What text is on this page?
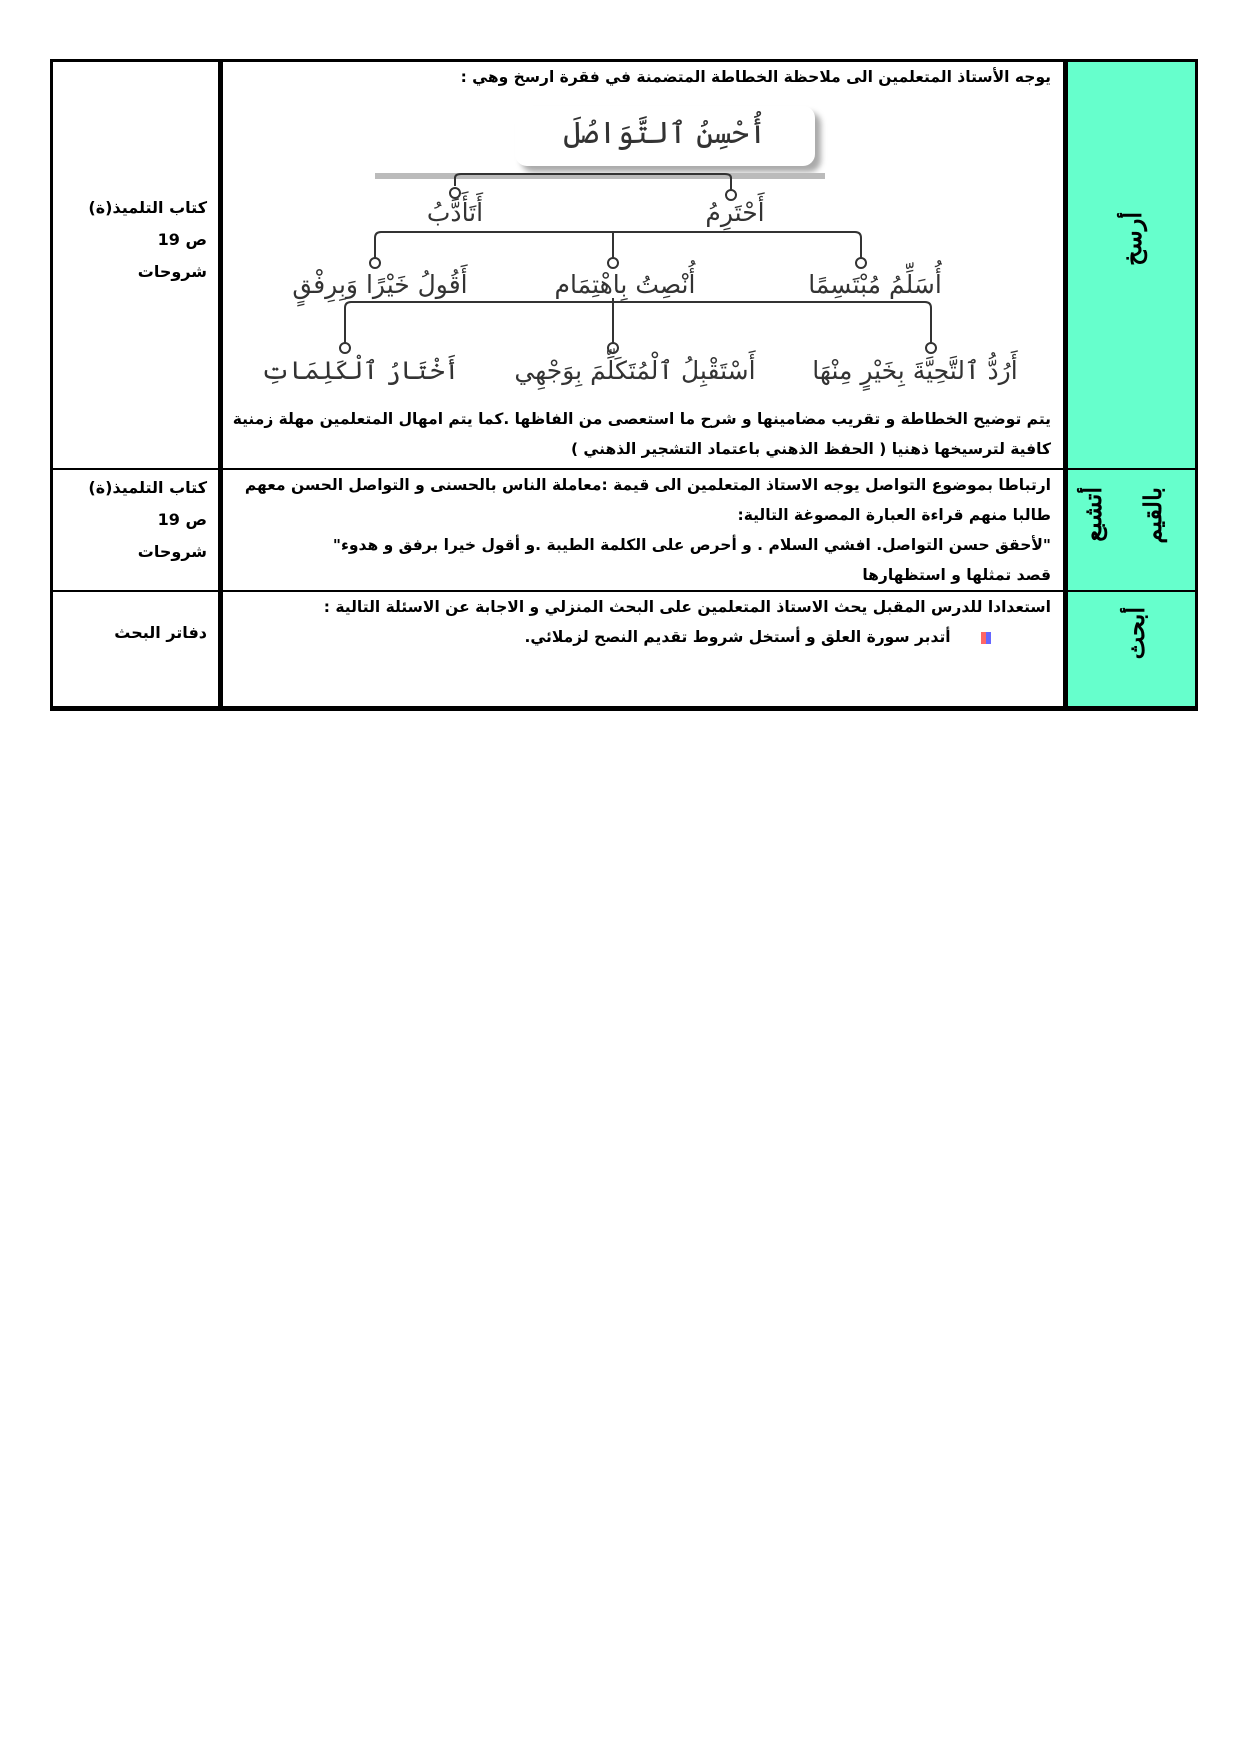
أرسخ
كتاب التلميذ(ة)
ص 19
شروحات
يوجه الأستاذ المتعلمين الى ملاحظة الخطاطة المتضمنة في فقرة ارسخ وهي :
أُحْسِنُ ٱلتَّوَاصُلَ
أَحْتَرِمُ
أَتَأَدَّبُ
أُسَلِّمُ مُبْتَسِمًا
أُنْصِتُ بِاهْتِمَام
أَقُولُ خَيْرًا وَبِرِفْقٍ
أَرُدُّ ٱلتَّحِيَّةَ بِخَيْرٍ مِنْهَا
أَسْتَقْبِلُ ٱلْمُتَكَلِّمَ بِوَجْهِي
أَخْتَارُ ٱلْكَلِمَاتِ
يتم توضيح الخطاطة و تقريب مضامينها و شرح ما استعصى من الفاظها .كما يتم امهال المتعلمين مهلة زمنية
كافية لترسيخها ذهنيا ( الحفظ الذهني باعتماد التشجير الذهني )
أتشبع بالقيم
كتاب التلميذ(ة)
ص 19
شروحات
ارتباطا بموضوع التواصل يوجه الاستاذ المتعلمين الى قيمة :معاملة الناس بالحسنى و التواصل الحسن معهم
طالبا منهم قراءة العبارة المصوغة التالية:
"لأحقق حسن التواصل. افشي السلام . و أحرص على الكلمة الطيبة .و أقول خيرا برفق و هدوء"
قصد تمثلها و استظهارها
أبحث
دفاتر البحث
استعدادا للدرس المقبل يحث الاستاذ المتعلمين على البحث المنزلي و الاجابة عن الاسئلة التالية :
أتدبر سورة العلق و أستخل شروط تقديم النصح لزملائي.
